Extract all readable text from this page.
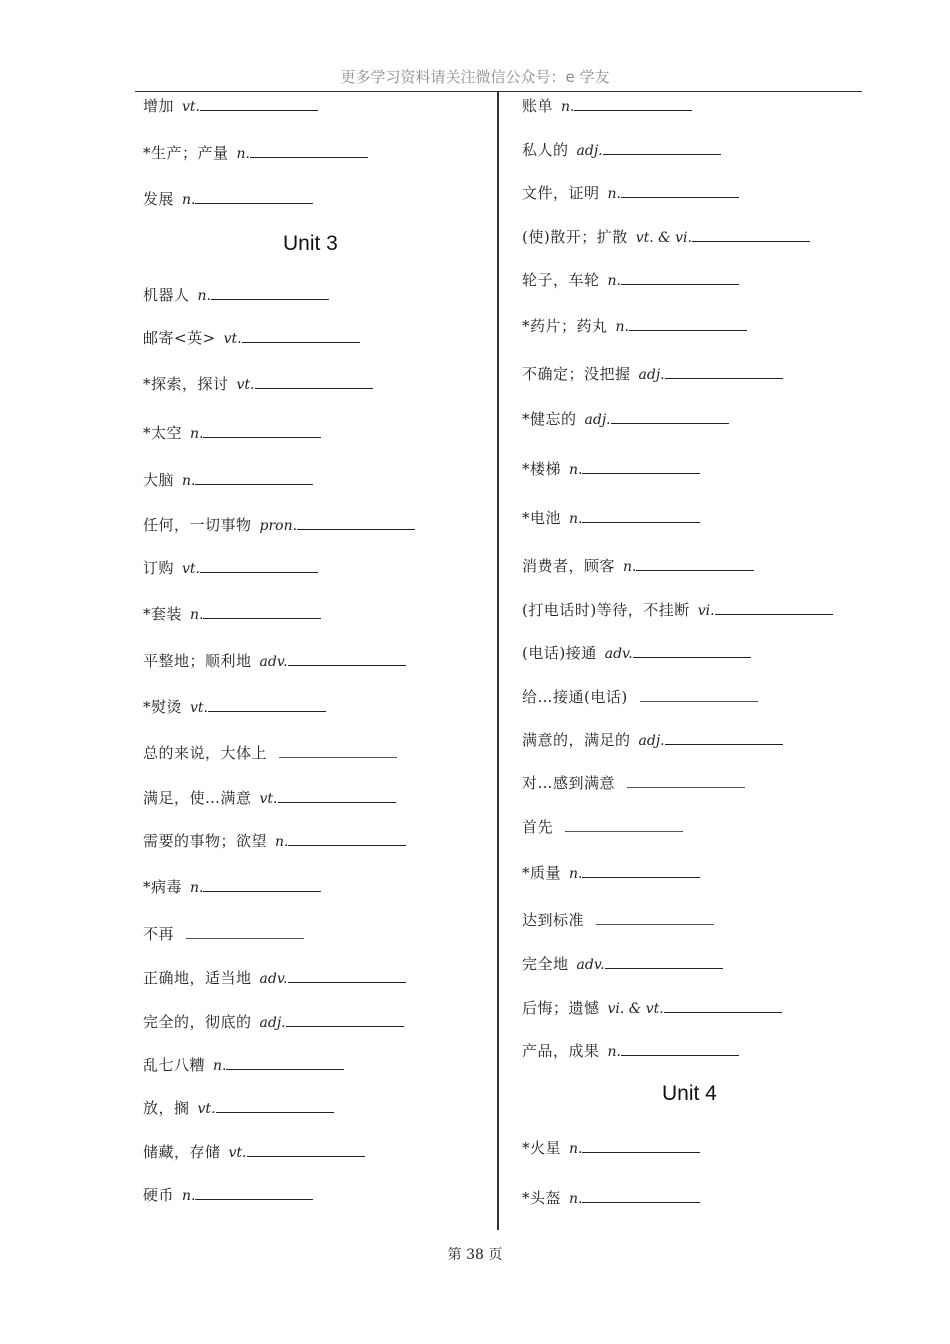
更多学习资料请关注微信公众号：e 学友
增加 vt.
*生产；产量 n.
发展 n.
Unit 3
机器人 n.
邮寄<英> vt.
*探索，探讨 vt.
*太空 n.
大脑 n.
任何，一切事物 pron.
订购 vt.
*套装 n.
平整地；顺利地 adv.
*熨烫 vt.
总的来说，大体上
满足，使…满意 vt.
需要的事物；欲望 n.
*病毒 n.
不再
正确地，适当地 adv.
完全的，彻底的 adj.
乱七八糟 n.
放，搁 vt.
储藏，存储 vt.
硬币 n.
账单 n.
私人的 adj.
文件，证明 n.
(使)散开；扩散 vt. & vi.
轮子，车轮 n.
*药片；药丸 n.
不确定；没把握 adj.
*健忘的 adj.
*楼梯 n.
*电池 n.
消费者，顾客 n.
(打电话时)等待，不挂断 vi.
(电话)接通 adv.
给…接通(电话)
满意的，满足的 adj.
对…感到满意
首先
*质量 n.
达到标准
完全地 adv.
后悔；遗憾 vi. & vt.
产品，成果 n.
Unit 4
*火星 n.
*头盔 n.
第 38 页
